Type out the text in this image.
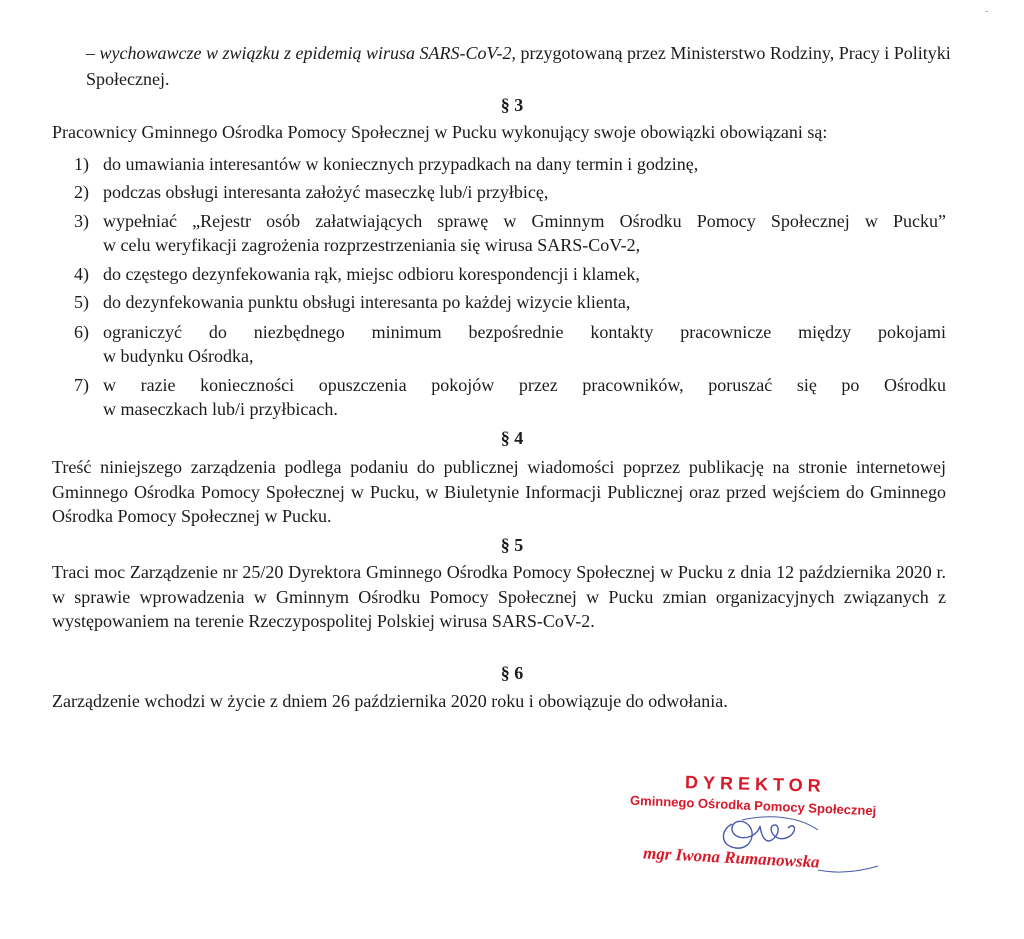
-
– wychowawcze w związku z epidemią wirusa SARS-CoV-2, przygotowaną przez Ministerstwo Rodziny, Pracy i Polityki Społecznej.
§ 3
Pracownicy Gminnego Ośrodka Pomocy Społecznej w Pucku wykonujący swoje obowiązki obowiązani są:
1) do umawiania interesantów w koniecznych przypadkach na dany termin i godzinę,
2) podczas obsługi interesanta założyć maseczkę lub/i przyłbicę,
3) wypełniać „Rejestr osób załatwiających sprawę w Gminnym Ośrodku Pomocy Społecznej w Pucku”
w celu weryfikacji zagrożenia rozprzestrzeniania się wirusa SARS-CoV-2,
4) do częstego dezynfekowania rąk, miejsc odbioru korespondencji i klamek,
5) do dezynfekowania punktu obsługi interesanta po każdej wizycie klienta,
6) ograniczyć do niezbędnego minimum bezpośrednie kontakty pracownicze między pokojami
w budynku Ośrodka,
7) w razie konieczności opuszczenia pokojów przez pracowników, poruszać się po Ośrodku
w maseczkach lub/i przyłbicach.
§ 4
Treść niniejszego zarządzenia podlega podaniu do publicznej wiadomości poprzez publikację na stronie internetowej Gminnego Ośrodka Pomocy Społecznej w Pucku, w Biuletynie Informacji Publicznej oraz przed wejściem do Gminnego Ośrodka Pomocy Społecznej w Pucku.
§ 5
Traci moc Zarządzenie nr 25/20 Dyrektora Gminnego Ośrodka Pomocy Społecznej w Pucku z dnia 12 października 2020 r. w sprawie wprowadzenia w Gminnym Ośrodku Pomocy Społecznej w Pucku zmian organizacyjnych związanych z występowaniem na terenie Rzeczypospolitej Polskiej wirusa SARS-CoV-2.
§ 6
Zarządzenie wchodzi w życie z dniem 26 października 2020 roku i obowiązuje do odwołania.
DYREKTOR
Gminnego Ośrodka Pomocy Społecznej
mgr Iwona Rumanowska
